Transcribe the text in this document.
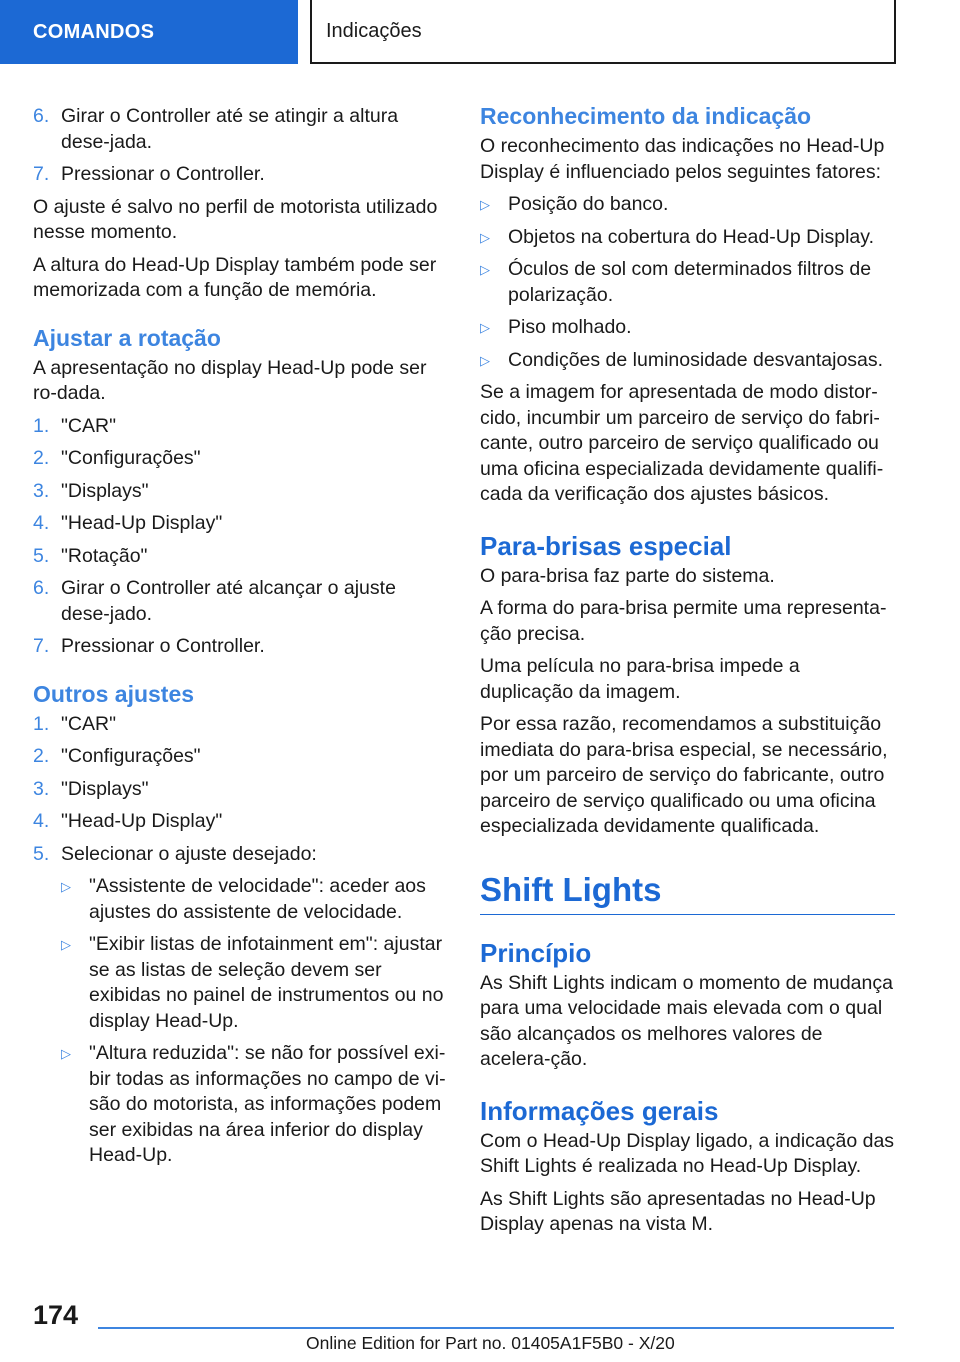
COMANDOS	Indicações
6. Girar o Controller até se atingir a altura dese-jada.
7. Pressionar o Controller.

O ajuste é salvo no perfil de motorista utilizado nesse momento.

A altura do Head-Up Display também pode ser memorizada com a função de memória.

Ajustar a rotação

A apresentação no display Head-Up pode ser ro-dada.

1. "CAR"
2. "Configurações"
3. "Displays"
4. "Head-Up Display"
5. "Rotação"
6. Girar o Controller até alcançar o ajuste dese-jado.
7. Pressionar o Controller.
Outros ajustes
1. "CAR"
2. "Configurações"
3. "Displays"
4. "Head-Up Display"
5. Selecionar o ajuste desejado:
▷ "Assistente de velocidade": aceder aos ajustes do assistente de velocidade.
▷ "Exibir listas de infotainment em": ajustar se as listas de seleção devem ser exibidas no painel de instrumentos ou no display Head-Up.
▷ "Altura reduzida": se não for possível exi-bir todas as informações no campo de vi-são do motorista, as informações podem ser exibidas na área inferior do display Head-Up.
Reconhecimento da indicação

O reconhecimento das indicações no Head-Up Display é influenciado pelos seguintes fatores:

▷ Posição do banco.
▷ Objetos na cobertura do Head-Up Display.
▷ Óculos de sol com determinados filtros de polarização.
▷ Piso molhado.
▷ Condições de luminosidade desvantajosas.

Se a imagem for apresentada de modo distor-cido, incumbir um parceiro de serviço do fabri-cante, outro parceiro de serviço qualificado ou uma oficina especializada devidamente qualifi-cada da verificação dos ajustes básicos.

Para-brisas especial

O para-brisa faz parte do sistema.

A forma do para-brisa permite uma representa-ção precisa.

Uma película no para-brisa impede a duplicação da imagem.

Por essa razão, recomendamos a substituição imediata do para-brisa especial, se necessário, por um parceiro de serviço do fabricante, outro parceiro de serviço qualificado ou uma oficina especializada devidamente qualificada.

Shift Lights
Princípio

As Shift Lights indicam o momento de mudança para uma velocidade mais elevada com o qual são alcançados os melhores valores de acelera-ção.

Informações gerais

Com o Head-Up Display ligado, a indicação das Shift Lights é realizada no Head-Up Display.

As Shift Lights são apresentadas no Head-Up Display apenas na vista M.

174
Online Edition for Part no. 01405A1F5B0 - X/20
